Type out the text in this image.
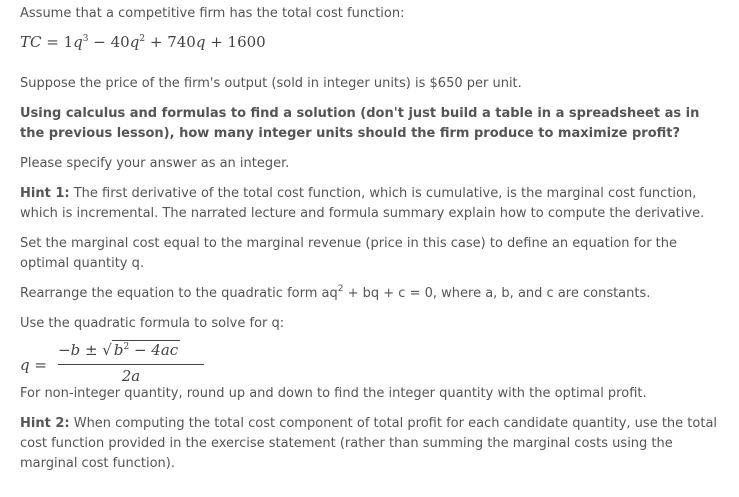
Assume that a competitive firm has the total cost function:

TC = $1q^3 - 40q^2 + 740q + 1600$

Suppose the price of the firm's output (sold in integer units) is $650 per unit.

Using calculus and formulas to find a solution (don't just build a table in a spreadsheet as in the previous lesson), how many integer units should the firm produce to maximize profit?

Please specify your answer as an integer.

Hint 1: The first derivative of the total cost function, which is cumulative, is the marginal cost function, which is incremental. The narrated lecture and formula summary explain how to compute the derivative.

Set the marginal cost equal to the marginal revenue (price in this case) to define an equation for the optimal quantity q.

Rearrange the equation to the quadratic form $aq^2$ + bq + c = 0, where a, b, and c are constants.

Use the quadratic formula to solve for q:

q =
−b ± √ $b^2 - 4ac$
2a

For non-integer quantity, round up and down to find the integer quantity with the optimal profit.

Hint 2: When computing the total cost component of total profit for each candidate quantity, use the total cost function provided in the exercise statement (rather than summing the marginal costs using the marginal cost function).
